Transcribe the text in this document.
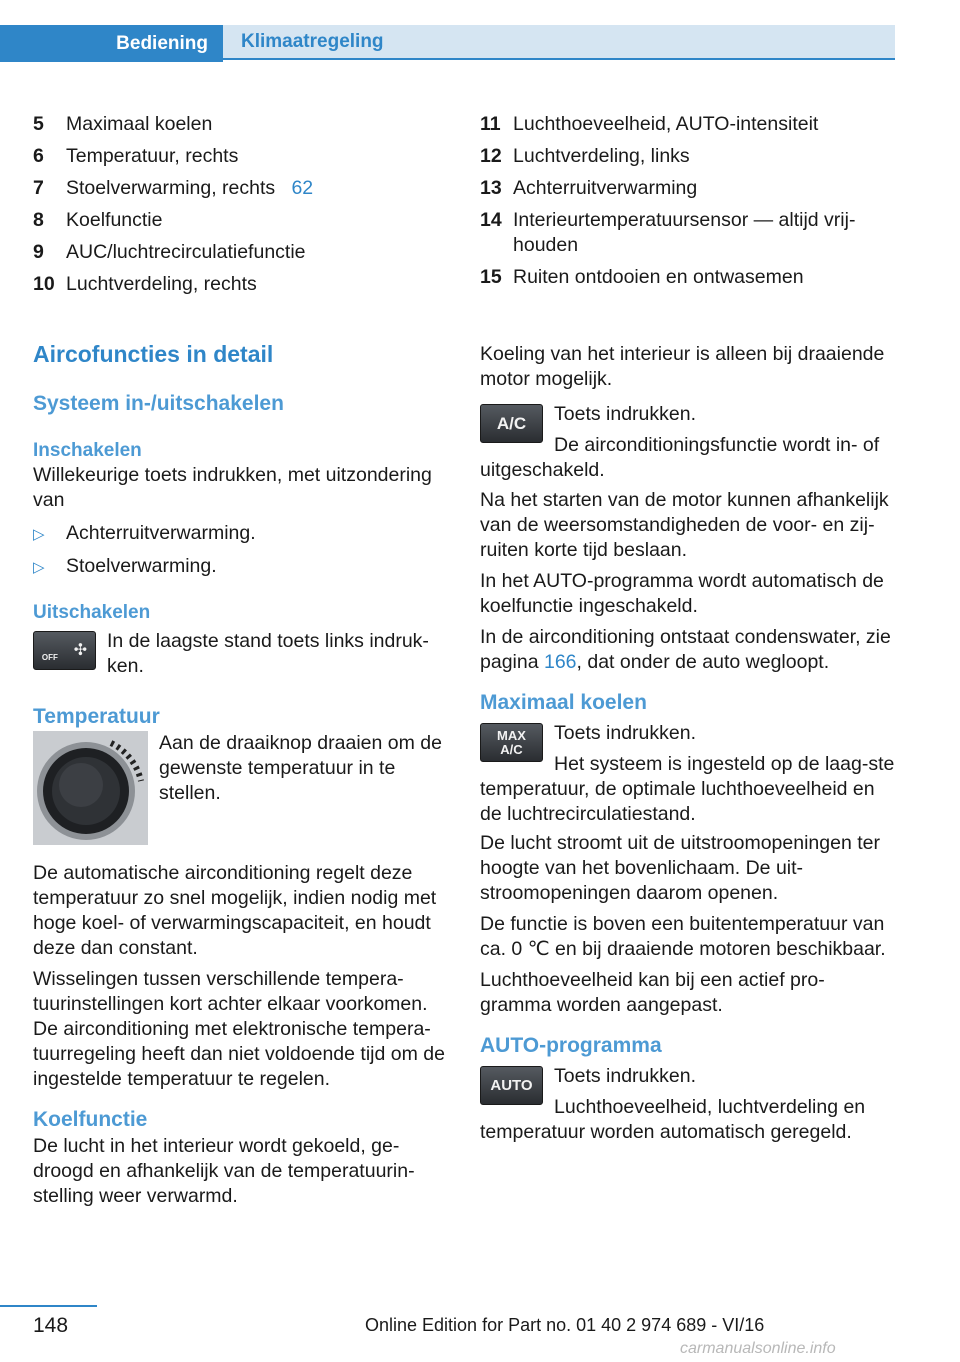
Bediening Klimaatregeling
5	Maximaal koelen
6	Temperatuur, rechts
7	Stoelverwarming, rechts 62
8	Koelfunctie
9	AUC/luchtrecirculatiefunctie
10 Luchtverdeling, rechts
11 Luchthoeveelheid, AUTO-intensiteit
12 Luchtverdeling, links
13 Achterruitverwarming
14 Interieurtemperatuursensor — altijd vrij-houden
15 Ruiten ontdooien en ontwasemen
Aircofuncties in detail
Systeem in-/uitschakelen
Inschakelen

Willekeurige toets indrukken, met uitzondering van

▷	Achterruitverwarming.
▷	Stoelverwarming.
Uitschakelen
OFF ✣ In de laagste stand toets links indruk-ken.

Temperatuur

Aan de draaiknop draaien om de gewenste temperatuur in te stellen.

De automatische airconditioning regelt deze temperatuur zo snel mogelijk, indien nodig met hoge koel- of verwarmingscapaciteit, en houdt deze dan constant.

Wisselingen tussen verschillende tempera-tuurinstellingen kort achter elkaar voorkomen. De airconditioning met elektronische tempera-tuurregeling heeft dan niet voldoende tijd om de ingestelde temperatuur te regelen.

Koelfunctie

De lucht in het interieur wordt gekoeld, ge-droogd en afhankelijk van de temperatuurin-stelling weer verwarmd.

Koeling van het interieur is alleen bij draaiende motor mogelijk.

A/C Toets indrukken.

De airconditioningsfunctie wordt in- of uitgeschakeld.

Na het starten van de motor kunnen afhankelijk van de weersomstandigheden de voor- en zij-ruiten korte tijd beslaan.

In het AUTO-programma wordt automatisch de koelfunctie ingeschakeld.

In de airconditioning ontstaat condenswater, zie pagina 166, dat onder de auto wegloopt.

Maximaal koelen
MAX
A/C

Toets indrukken.

Het systeem is ingesteld op de laag-ste temperatuur, de optimale luchthoeveelheid en de luchtrecirculatiestand.

De lucht stroomt uit de uitstroomopeningen ter hoogte van het bovenlichaam. De uit-stroomopeningen daarom openen.

De functie is boven een buitentemperatuur van ca. 0 ℃ en bij draaiende motoren beschikbaar.

Luchthoeveelheid kan bij een actief pro-gramma worden aangepast.

AUTO-programma
AUTO Toets indrukken.

Luchthoeveelheid, luchtverdeling en temperatuur worden automatisch geregeld.

148	Online Edition for Part no. 01 40 2 974 689 - VI/16
carmanualsonline.info
